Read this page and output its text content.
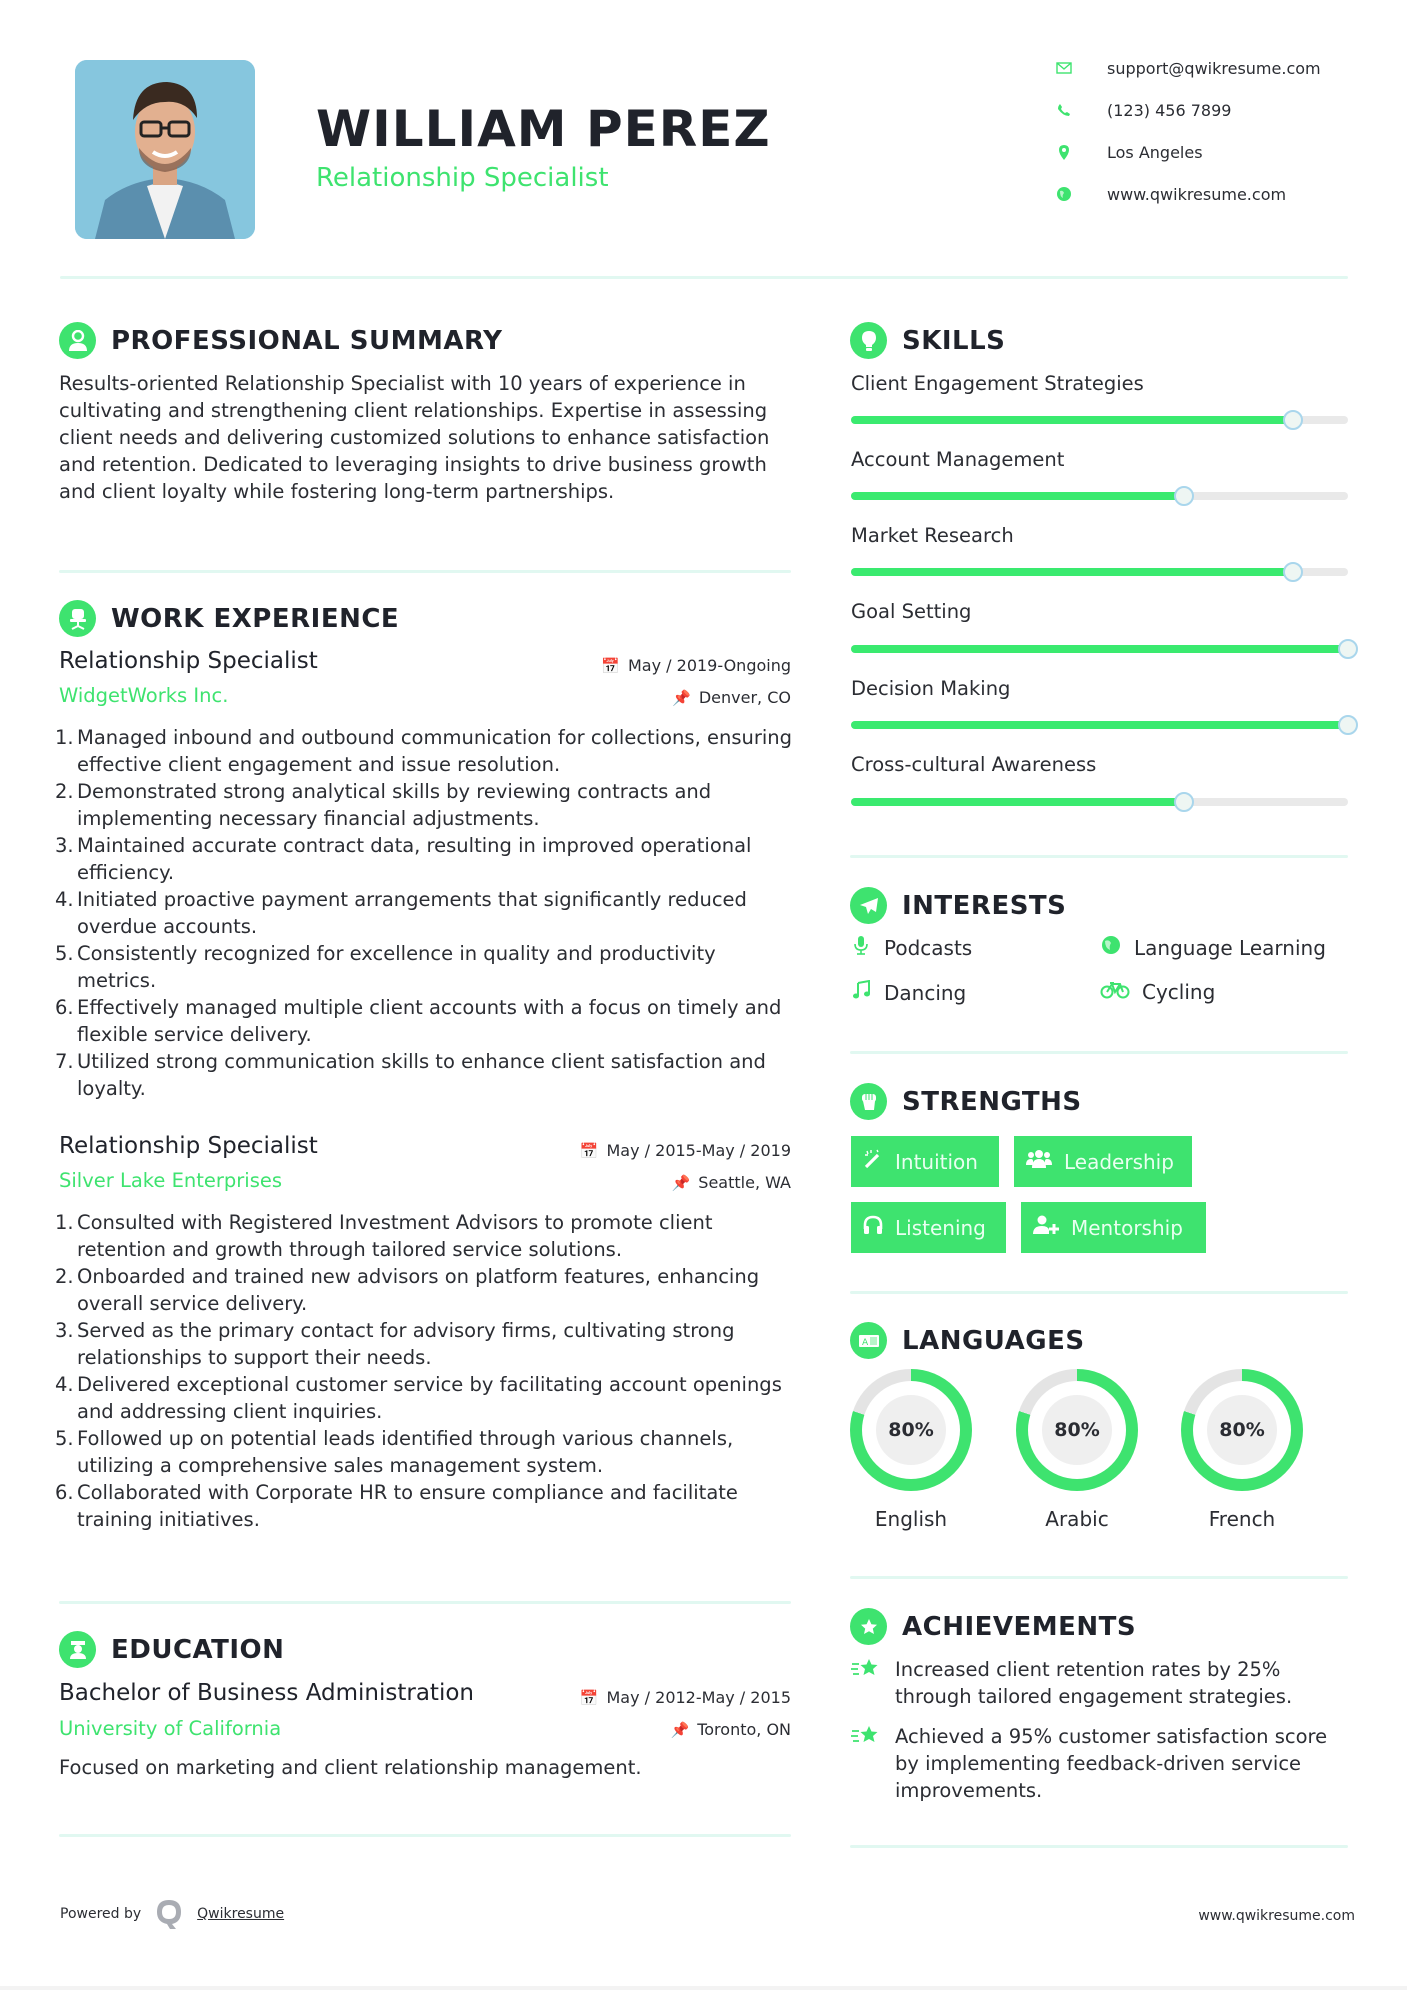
WILLIAM PEREZ
Relationship Specialist
support@qwikresume.com
(123) 456 7899
Los Angeles
www.qwikresume.com
PROFESSIONAL SUMMARY
Results-oriented Relationship Specialist with 10 years of experience in cultivating and strengthening client relationships. Expertise in assessing client needs and delivering customized solutions to enhance satisfaction and retention. Dedicated to leveraging insights to drive business growth and client loyalty while fostering long-term partnerships.
WORK EXPERIENCE
Relationship Specialist	📅 May / 2019-Ongoing
WidgetWorks Inc.	📌 Denver, CO
1. Managed inbound and outbound communication for collections, ensuring effective client engagement and issue resolution.
2. Demonstrated strong analytical skills by reviewing contracts and implementing necessary financial adjustments.
3. Maintained accurate contract data, resulting in improved operational efficiency.
4. Initiated proactive payment arrangements that significantly reduced overdue accounts.
5. Consistently recognized for excellence in quality and productivity metrics.
6. Effectively managed multiple client accounts with a focus on timely and flexible service delivery.
7. Utilized strong communication skills to enhance client satisfaction and loyalty.
Relationship Specialist	📅 May / 2015-May / 2019
Silver Lake Enterprises	📌 Seattle, WA
1. Consulted with Registered Investment Advisors to promote client retention and growth through tailored service solutions.
2. Onboarded and trained new advisors on platform features, enhancing overall service delivery.
3. Served as the primary contact for advisory firms, cultivating strong relationships to support their needs.
4. Delivered exceptional customer service by facilitating account openings and addressing client inquiries.
5. Followed up on potential leads identified through various channels, utilizing a comprehensive sales management system.
6. Collaborated with Corporate HR to ensure compliance and facilitate training initiatives.
EDUCATION
Bachelor of Business Administration	📅 May / 2012-May / 2015
University of California	📌 Toronto, ON
Focused on marketing and client relationship management.
SKILLS
Client Engagement Strategies
Account Management
Market Research
Goal Setting
Decision Making
Cross-cultural Awareness
INTERESTS
Podcasts	Language Learning
Dancing	Cycling
STRENGTHS
Intuition	Leadership
Listening	Mentorship
A LANGUAGES
80%
English
80%
Arabic
80%
French
ACHIEVEMENTS
Increased client retention rates by 25% through tailored engagement strategies.
Achieved a 95% customer satisfaction score by implementing feedback-driven service improvements.
Powered by	Qwikresume	www.qwikresume.com
